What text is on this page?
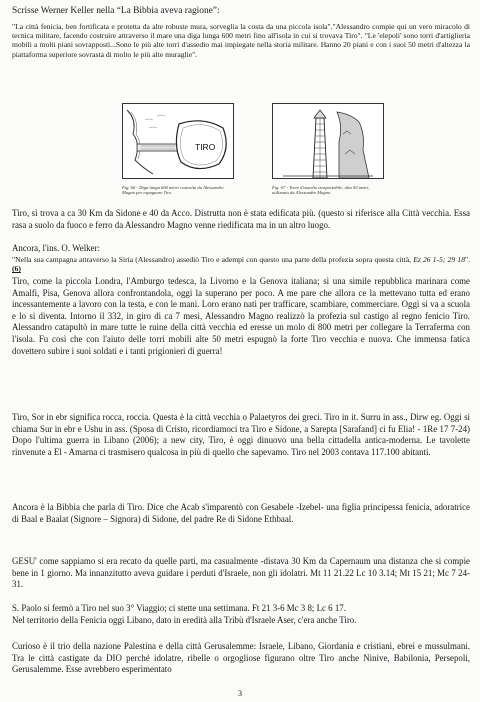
Scrisse Werner Keller nella “La Bibbia aveva ragione”:

"La città fenicia, ben fortificata e protetta da alte robuste mura, sorveglia la costa da una piccola isola"."Alessandro compie qui un vero miracolo di tecnica militare, facendo costruire attraverso il mare una diga lunga 600 metri fino all'isola in cui si trovava Tiro". "Le 'elepoli' sono torri d'artiglieria mobili a molti piani sovrapposti...Sono le più alte torri d'assedio mai impiegate nella storia militare. Hanno 20 piani e con i suoi 50 metri d'altezza la piattaforma superiore sovrasta di molto le più alte muraglie".

TIRO

Fig. 66 - Diga lunga 600 metri costruita da Alessandro Magno per espugnare Tiro.

Fig. 67 - Torre d'assedio trasportabile, alta 50 metri, utilizzata da Alessandro Magno.

Tiro, si trova a ca 30 Km da Sidone e 40 da Acco. Distrutta non è stata edificata più. (questo si riferisce alla Città vecchia. Essa rasa a suolo da fuoco e ferro da Alessandro Magno venne riedificata ma in un altro luogo.

Ancora, l'ins. O. Welker:

"Nella sua campagna attraverso la Siria (Alessandro) assediò Tiro e adempì con questo una parte della profezia sopra questa città, Ez 26 1-5; 29 18". (6)

Tiro, come la piccola Londra, l'Amburgo tedesca, la Livorno e la Genova italiana; sì una simile repubblica marinara come Amalfi, Pisa, Genova allora confrontandola, oggi la superano per poco. A me pare che allora ce la mettevano tutta ed erano incessantemente a lavoro con la testa, e con le mani. Loro erano nati per trafficare, scambiare, commerciare. Oggi si va a scuola e lo si diventa. Intorno il 332, in giro di ca 7 mesi, Alessandro Magno realizzò la profezia sul castigo al regno fenicio Tiro. Alessandro catapultò in mare tutte le ruine della città vecchia ed eresse un molo di 800 metri per collegare la Terraferma con l'isola. Fu così che con l'aiuto delle torri mobili alte 50 metri espugnò la forte Tiro vecchia e nuova. Che immensa fatica dovettero subire i suoi soldati e i tanti prigionieri di guerra!

Tiro, Sor in ebr significa rocca, roccia. Questa è la città vecchia o Palaetyros dei greci. Tiro in it. Surru in ass., Dirw eg. Oggi si chiama Sur in ebr e Ushu in ass. (Sposa di Cristo, ricordiamoci tra Tiro e Sidone, a Sarepta [Sarafand] ci fu Elia! - 1Re 17 7-24) Dopo l'ultima guerra in Libano (2006); a new city, Tiro, è oggi dinuovo una bella cittadella antica-moderna. Le tavolette rinvenute a El - Amarna ci trasmisero qualcosa in più di quello che sapevamo. Tiro nel 2003 contava 117.100 abitanti.

Ancora è la Bibbia che parla di Tiro. Dice che Acab s'imparentò con Gesabele -Izebel- una figlia principessa fenicia, adoratrice di Baal e Baalat (Signore – Signora) di Sidone, del padre Re di Sidone Ethbaal.

GESU' come sappiamo si era recato da quelle parti, ma casualmente -distava 30 Km da Capernaum una distanza che si compie bene in 1 giorno. Ma innanzitutto aveva guidare i perduti d'Israele, non gli idolatri. Mt 11 21.22 Lc 10 3.14; Mt 15 21; Mc 7 24-31.

S. Paolo si fermò a Tiro nel suo 3° Viaggio; ci stette una settimana. Ft 21 3-6 Mc 3 8; Lc 6 17.

Nel territorio della Fenicia oggi Libano, dato in eredità alla Tribù d'Israele Aser, c'era anche Tiro.

Curioso è il trio della nazione Palestina e della città Gerusalemme: Israele, Libano, Giordania e cristiani, ebrei e mussulmani. Tra le città castigate da DIO perché idolatre, ribelle o orgogliose figurano oltre Tiro anche Ninive, Babilonia, Persepoli, Gerusalemme. Esse avrebbero esperimentato

3
